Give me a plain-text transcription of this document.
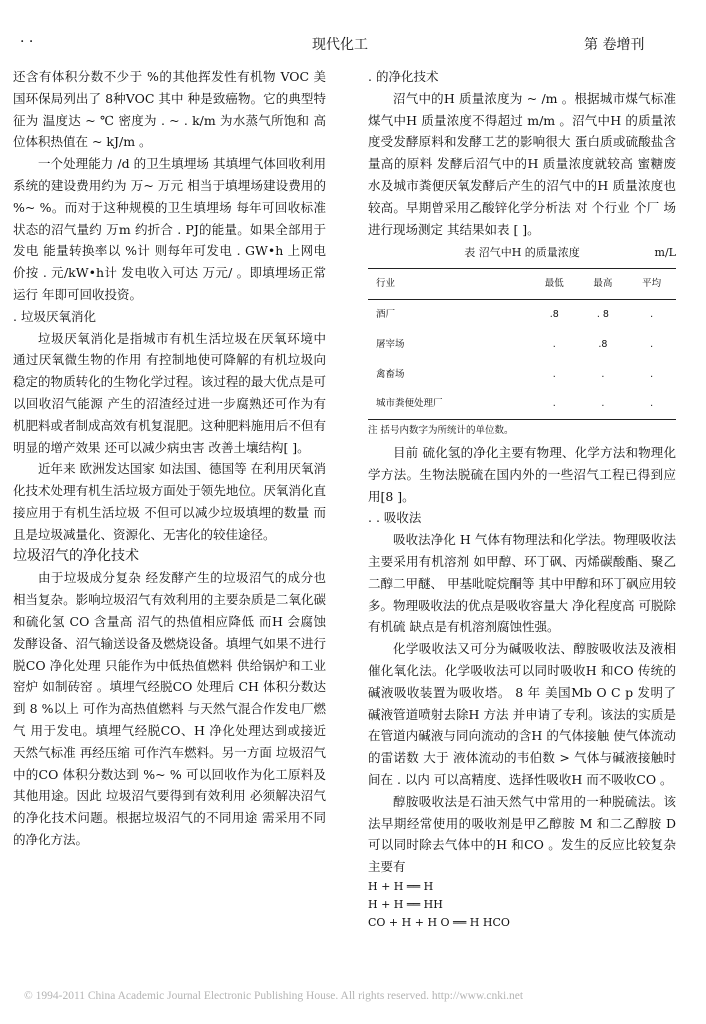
· ·	现代化工	第 卷增刊

还含有体积分数不少于 %的其他挥发性有机物 VOC 美国环保局列出了 8种VOC 其中 种是致癌物。它的典型特征为 温度达 ~ ℃ 密度为 . ~ . k/m 为水蒸气所饱和 高位体积热值在 ~ kJ/m 。

一个处理能力 /d 的卫生填埋场 其填埋气体回收利用系统的建设费用约为 万~ 万元 相当于填埋场建设费用的 %~ %。而对于这种规模的卫生填埋场 每年可回收标准状态的沼气量约 万m 约折合 . PJ的能量。如果全部用于发电 能量转换率以 %计 则每年可发电 . GW•h 上网电价按 . 元/kW•h计 发电收入可达 万元/ 。即填埋场正常运行 年即可回收投资。

. 垃圾厌氧消化

垃圾厌氧消化是指城市有机生活垃圾在厌氧环境中 通过厌氧微生物的作用 有控制地使可降解的有机垃圾向稳定的物质转化的生物化学过程。该过程的最大优点是可以回收沼气能源 产生的沼渣经过进一步腐熟还可作为有机肥料或者制成高效有机复混肥。这种肥料施用后不但有明显的增产效果 还可以减少病虫害 改善土壤结构[ ]。

近年来 欧洲发达国家 如法国、德国等 在利用厌氧消化技术处理有机生活垃圾方面处于领先地位。厌氧消化直接应用于有机生活垃圾 不但可以减少垃圾填埋的数量 而且是垃圾减量化、资源化、无害化的较佳途径。

垃圾沼气的净化技术

由于垃圾成分复杂 经发酵产生的垃圾沼气的成分也相当复杂。影响垃圾沼气有效利用的主要杂质是二氧化碳和硫化氢 CO 含量高 沼气的热值相应降低 而H 会腐蚀发酵设备、沼气输送设备及燃烧设备。填埋气如果不进行脱CO 净化处理 只能作为中低热值燃料 供给锅炉和工业窑炉 如制砖窑 。填埋气经脱CO 处理后 CH 体积分数达到 8 %以上 可作为高热值燃料 与天然气混合作发电厂燃气 用于发电。填埋气经脱CO、H 净化处理达到或接近天然气标准 再经压缩 可作汽车燃料。另一方面 垃圾沼气中的CO 体积分数达到 %~ % 可以回收作为化工原料及其他用途。因此 垃圾沼气要得到有效利用 必须解决沼气的净化技术问题。根据垃圾沼气的不同用途 需采用不同的净化方法。

. 的净化技术

沼气中的H 质量浓度为 ~ /m 。根据城市煤气标准 煤气中H 质量浓度不得超过 m/m 。沼气中H 的质量浓度受发酵原料和发酵工艺的影响很大 蛋白质或硫酸盐含量高的原料 发酵后沼气中的H 质量浓度就较高 蜜糖废水及城市粪便厌氧发酵后产生的沼气中的H 质量浓度也较高。早期曾采用乙酸锌化学分析法 对 个行业 个厂 场 进行现场测定 其结果如表 [ ]。

表 沼气中H 的质量浓度	m/L
行业	最低	最高	平均
酒厂	.8	. 8	.
屠宰场	.	.8	.
禽畜场	.	.	.
城市粪便处理厂	.	.	.

注 括号内数字为所统计的单位数。

目前 硫化氢的净化主要有物理、化学方法和物理化学方法。生物法脱硫在国内外的一些沼气工程已得到应用[8 ]。

. . 吸收法

吸收法净化 H 气体有物理法和化学法。物理吸收法主要采用有机溶剂 如甲醇、环丁砜、丙烯碳酸酯、聚乙二醇二甲醚、 甲基吡啶烷酮等 其中甲醇和环丁砜应用较多。物理吸收法的优点是吸收容量大 净化程度高 可脱除有机硫 缺点是有机溶剂腐蚀性强。

化学吸收法又可分为碱吸收法、醇胺吸收法及液相催化氧化法。化学吸收法可以同时吸收H 和CO 传统的碱液吸收装置为吸收塔。 8 年 美国Mb O C p 发明了碱液管道喷射去除H 方法 并申请了专利。该法的实质是在管道内碱液与同向流动的含H 的气体接触 使气体流动的雷诺数 大于 液体流动的韦伯数 > 气体与碱液接触时间在 . 以内 可以高精度、选择性吸收H 而不吸收CO 。

醇胺吸收法是石油天然气中常用的一种脱硫法。该法早期经常使用的吸收剂是甲乙醇胺 M 和二乙醇胺 D 可以同时除去气体中的H 和CO 。发生的反应比较复杂 主要有

H + H ══ H

H + H ══ HH

CO + H + H O ══ H HCO

© 1994-2011 China Academic Journal Electronic Publishing House. All rights reserved. http://www.cnki.net
